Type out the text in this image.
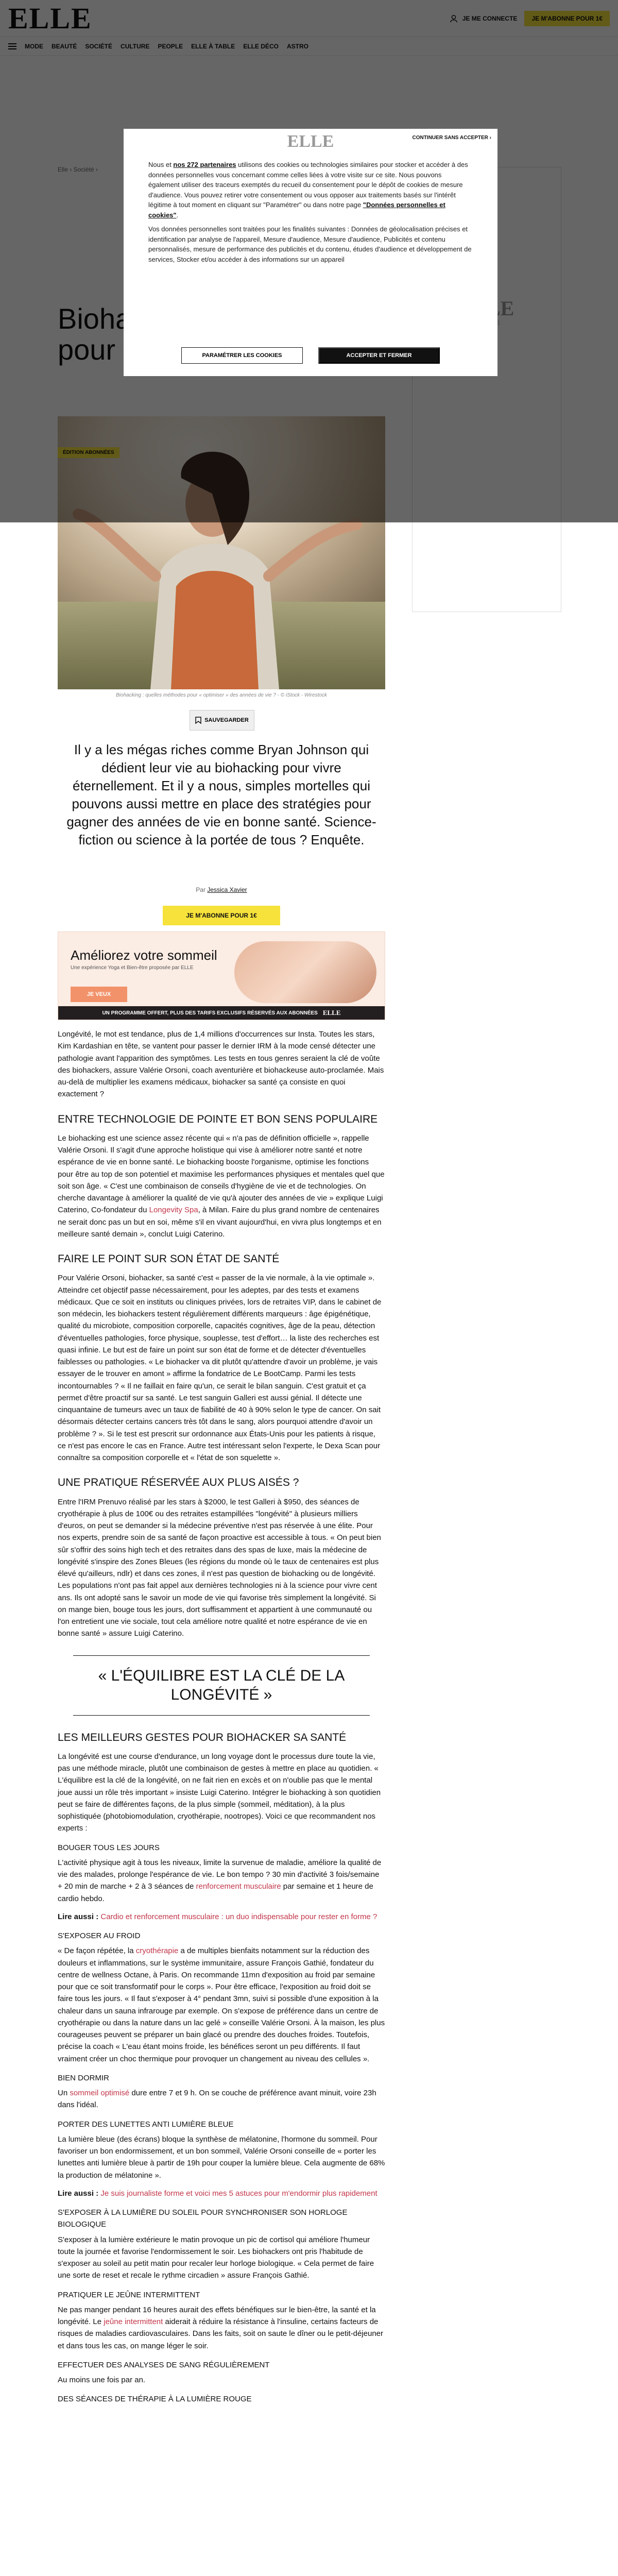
Biohacking : quelles méthodes pour « optimiser » des années de vie ? - © iStock - Wirestock
SAUVEGARDER

Il y a les mégas riches comme Bryan Johnson qui dédient leur vie au biohacking pour vivre éternellement. Et il y a nous, simples mortelles qui pouvons aussi mettre en place des stratégies pour gagner des années de vie en bonne santé. Science-fiction ou science à la portée de tous ? Enquête.

Par Jessica Xavier
JE M'ABONNE POUR 1€
Améliorez votre sommeil
Une expérience Yoga et Bien-être proposée par ELLE
JE VEUX
UN PROGRAMME OFFERT, PLUS DES TARIFS EXCLUSIFS RÉSERVÉS AUX ABONNÉES ELLE

Longévité, le mot est tendance, plus de 1,4 millions d'occurrences sur Insta. Toutes les stars, Kim Kardashian en tête, se vantent pour passer le dernier IRM à la mode censé détecter une pathologie avant l'apparition des symptômes. Les tests en tous genres seraient la clé de voûte des biohackers, assure Valérie Orsoni, coach aventurière et biohackeuse auto-proclamée. Mais au-delà de multiplier les examens médicaux, biohacker sa santé ça consiste en quoi exactement ?

ENTRE TECHNOLOGIE DE POINTE ET BON SENS POPULAIRE

Le biohacking est une science assez récente qui « n'a pas de définition officielle », rappelle Valérie Orsoni. Il s'agit d'une approche holistique qui vise à améliorer notre santé et notre espérance de vie en bonne santé. Le biohacking booste l'organisme, optimise les fonctions pour être au top de son potentiel et maximise les performances physiques et mentales quel que soit son âge. « C'est une combinaison de conseils d'hygiène de vie et de technologies. On cherche davantage à améliorer la qualité de vie qu'à ajouter des années de vie » explique Luigi Caterino, Co-fondateur du Longevity Spa, à Milan. Faire du plus grand nombre de centenaires ne serait donc pas un but en soi, même s'il en vivant aujourd'hui, en vivra plus longtemps et en meilleure santé demain », conclut Luigi Caterino.

FAIRE LE POINT SUR SON ÉTAT DE SANTÉ

Pour Valérie Orsoni, biohacker, sa santé c'est « passer de la vie normale, à la vie optimale ». Atteindre cet objectif passe nécessairement, pour les adeptes, par des tests et examens médicaux. Que ce soit en instituts ou cliniques privées, lors de retraites VIP, dans le cabinet de son médecin, les biohackers testent régulièrement différents marqueurs : âge épigénétique, qualité du microbiote, composition corporelle, capacités cognitives, âge de la peau, détection d'éventuelles pathologies, force physique, souplesse, test d'effort… la liste des recherches est quasi infinie. Le but est de faire un point sur son état de forme et de détecter d'éventuelles faiblesses ou pathologies. « Le biohacker va dit plutôt qu'attendre d'avoir un problème, je vais essayer de le trouver en amont » affirme la fondatrice de Le BootCamp. Parmi les tests incontournables ? « Il ne faillait en faire qu'un, ce serait le bilan sanguin. C'est gratuit et ça permet d'être proactif sur sa santé. Le test sanguin Galleri est aussi génial. Il détecte une cinquantaine de tumeurs avec un taux de fiabilité de 40 à 90% selon le type de cancer. On sait désormais détecter certains cancers très tôt dans le sang, alors pourquoi attendre d'avoir un problème ? ». Si le test est prescrit sur ordonnance aux États-Unis pour les patients à risque, ce n'est pas encore le cas en France. Autre test intéressant selon l'experte, le Dexa Scan pour connaître sa composition corporelle et « l'état de son squelette ».

UNE PRATIQUE RÉSERVÉE AUX PLUS AISÉS ?

Entre l'IRM Prenuvo réalisé par les stars à $2000, le test Galleri à $950, des séances de cryothérapie à plus de 100€ ou des retraites estampillées "longévité" à plusieurs milliers d'euros, on peut se demander si la médecine préventive n'est pas réservée à une élite. Pour nos experts, prendre soin de sa santé de façon proactive est accessible à tous. « On peut bien sûr s'offrir des soins high tech et des retraites dans des spas de luxe, mais la médecine de longévité s'inspire des Zones Bleues (les régions du monde où le taux de centenaires est plus élevé qu'ailleurs, ndlr) et dans ces zones, il n'est pas question de biohacking ou de longévité. Les populations n'ont pas fait appel aux dernières technologies ni à la science pour vivre cent ans. Ils ont adopté sans le savoir un mode de vie qui favorise très simplement la longévité. Si on mange bien, bouge tous les jours, dort suffisamment et appartient à une communauté ou l'on entretient une vie sociale, tout cela améliore notre qualité et notre espérance de vie en bonne santé » assure Luigi Caterino.

« L'ÉQUILIBRE EST LA CLÉ DE LA LONGÉVITÉ »
LES MEILLEURS GESTES POUR BIOHACKER SA SANTÉ

La longévité est une course d'endurance, un long voyage dont le processus dure toute la vie, pas une méthode miracle, plutôt une combinaison de gestes à mettre en place au quotidien. « L'équilibre est la clé de la longévité, on ne fait rien en excès et on n'oublie pas que le mental joue aussi un rôle très important » insiste Luigi Caterino. Intégrer le biohacking à son quotidien peut se faire de différentes façons, de la plus simple (sommeil, méditation), à la plus sophistiquée (photobiomodulation, cryothérapie, nootropes). Voici ce que recommandent nos experts :

BOUGER TOUS LES JOURS

L'activité physique agit à tous les niveaux, limite la survenue de maladie, améliore la qualité de vie des malades, prolonge l'espérance de vie. Le bon tempo ? 30 min d'activité 3 fois/semaine + 20 min de marche + 2 à 3 séances de renforcement musculaire par semaine et 1 heure de cardio hebdo.

Lire aussi : Cardio et renforcement musculaire : un duo indispensable pour rester en forme ?

S'EXPOSER AU FROID

« De façon répétée, la cryothérapie a de multiples bienfaits notamment sur la réduction des douleurs et inflammations, sur le système immunitaire, assure François Gathié, fondateur du centre de wellness Octane, à Paris. On recommande 11mn d'exposition au froid par semaine pour que ce soit transformatif pour le corps ». Pour être efficace, l'exposition au froid doit se faire tous les jours. « Il faut s'exposer à 4° pendant 3mn, suivi si possible d'une exposition à la chaleur dans un sauna infrarouge par exemple. On s'expose de préférence dans un centre de cryothérapie ou dans la nature dans un lac gelé » conseille Valérie Orsoni. À la maison, les plus courageuses peuvent se préparer un bain glacé ou prendre des douches froides. Toutefois, précise la coach « L'eau étant moins froide, les bénéfices seront un peu différents. Il faut vraiment créer un choc thermique pour provoquer un changement au niveau des cellules ».

BIEN DORMIR

Un sommeil optimisé dure entre 7 et 9 h. On se couche de préférence avant minuit, voire 23h dans l'idéal.

PORTER DES LUNETTES ANTI LUMIÈRE BLEUE

La lumière bleue (des écrans) bloque la synthèse de mélatonine, l'hormone du sommeil. Pour favoriser un bon endormissement, et un bon sommeil, Valérie Orsoni conseille de « porter les lunettes anti lumière bleue à partir de 19h pour couper la lumière bleue. Cela augmente de 68% la production de mélatonine ».

Lire aussi : Je suis journaliste forme et voici mes 5 astuces pour m'endormir plus rapidement

S'EXPOSER À LA LUMIÈRE DU SOLEIL POUR SYNCHRONISER SON HORLOGE BIOLOGIQUE

S'exposer à la lumière extérieure le matin provoque un pic de cortisol qui améliore l'humeur toute la journée et favorise l'endormissement le soir. Les biohackers ont pris l'habitude de s'exposer au soleil au petit matin pour recaler leur horloge biologique. « Cela permet de faire une sorte de reset et recale le rythme circadien » assure François Gathié.

PRATIQUER LE JEÛNE INTERMITTENT

Ne pas manger pendant 16 heures aurait des effets bénéfiques sur le bien-être, la santé et la longévité. Le jeûne intermittent aiderait à réduire la résistance à l'insuline, certains facteurs de risques de maladies cardiovasculaires. Dans les faits, soit on saute le dîner ou le petit-déjeuner et dans tous les cas, on mange léger le soir.

EFFECTUER DES ANALYSES DE SANG RÉGULIÈREMENT

Au moins une fois par an.

DES SÉANCES DE THÉRAPIE À LA LUMIÈRE ROUGE
ELLE	CONTINUER SANS ACCEPTER ›

Nous et nos 272 partenaires utilisons des cookies ou technologies similaires pour stocker et accéder à des données personnelles vous concernant comme celles liées à votre visite sur ce site. Nous pouvons également utiliser des traceurs exemptés du recueil du consentement pour le dépôt de cookies de mesure d'audience. Vous pouvez retirer votre consentement ou vous opposer aux traitements basés sur l'intérêt légitime à tout moment en cliquant sur "Paramétrer" ou dans notre page "Données personnelles et cookies".

Vos données personnelles sont traitées pour les finalités suivantes : Données de géolocalisation précises et identification par analyse de l'appareil, Mesure d'audience, Mesure d'audience, Publicités et contenu personnalisés, mesure de performance des publicités et du contenu, études d'audience et développement de services, Stocker et/ou accéder à des informations sur un appareil

PARAMÉTRER LES COOKIES	ACCEPTER ET FERMER
